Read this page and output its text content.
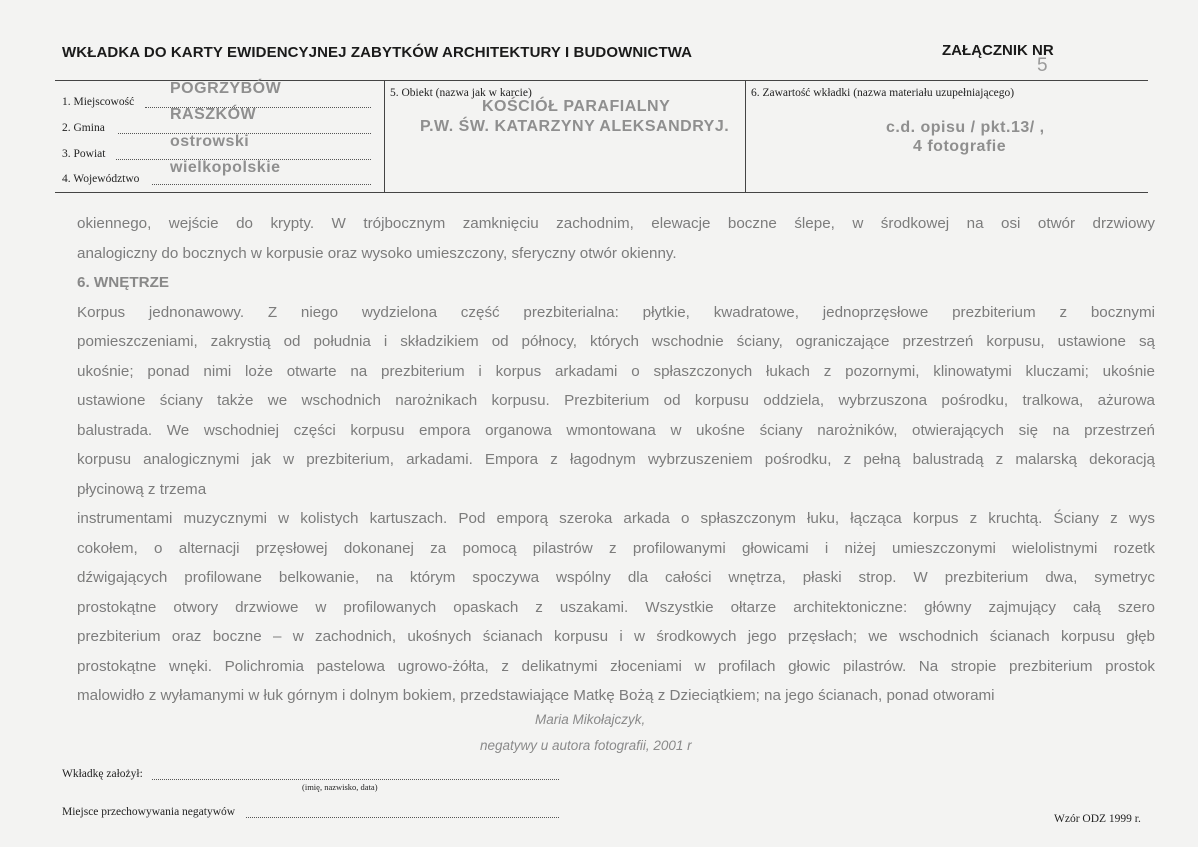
WKŁADKA DO KARTY EWIDENCYJNEJ ZABYTKÓW ARCHITEKTURY I BUDOWNICTWA	ZAŁĄCZNIK NR
5
1. Miejscowość
POGRZYBÓW
2. Gmina
RASZKÓW
3. Powiat
ostrowski
4. Województwo
wielkopolskie
5. Obiekt (nazwa jak w karcie)
KOŚCIÓŁ PARAFIALNY
P.W. ŚW. KATARZYNY ALEKSANDRYJ.
6. Zawartość wkładki (nazwa materiału uzupełniającego)
c.d. opisu / pkt.13/ ,
4 fotografie
okiennego, wejście do krypty. W trójbocznym zamknięciu zachodnim, elewacje boczne ślepe, w środkowej na osi otwór drzwiowy
analogiczny do bocznych w korpusie oraz wysoko umieszczony, sferyczny otwór okienny.
6. WNĘTRZE
Korpus jednonawowy. Z niego wydzielona część prezbiterialna: płytkie, kwadratowe, jednoprzęsłowe prezbiterium z bocznymi
pomieszczeniami, zakrystią od południa i składzikiem od północy, których wschodnie ściany, ograniczające przestrzeń korpusu, ustawione są
ukośnie; ponad nimi loże otwarte na prezbiterium i korpus arkadami o spłaszczonych łukach z pozornymi, klinowatymi kluczami; ukośnie
ustawione ściany także we wschodnich narożnikach korpusu. Prezbiterium od korpusu oddziela, wybrzuszona pośrodku, tralkowa, ażurowa
balustrada. We wschodniej części korpusu empora organowa wmontowana w ukośne ściany narożników, otwierających się na przestrzeń
korpusu analogicznymi jak w prezbiterium, arkadami. Empora z łagodnym wybrzuszeniem pośrodku, z pełną balustradą z malarską dekoracją
płycinową z trzema
instrumentami muzycznymi w kolistych kartuszach. Pod emporą szeroka arkada o spłaszczonym łuku, łącząca korpus z kruchtą. Ściany z wys
cokołem, o alternacji przęsłowej dokonanej za pomocą pilastrów z profilowanymi głowicami i niżej umieszczonymi wielolistnymi rozetk
dźwigających profilowane belkowanie, na którym spoczywa wspólny dla całości wnętrza, płaski strop. W prezbiterium dwa, symetryc
prostokątne otwory drzwiowe w profilowanych opaskach z uszakami. Wszystkie ołtarze architektoniczne: główny zajmujący całą szero
prezbiterium oraz boczne – w zachodnich, ukośnych ścianach korpusu i w środkowych jego przęsłach; we wschodnich ścianach korpusu głęb
prostokątne wnęki. Polichromia pastelowa ugrowo-żółta, z delikatnymi złoceniami w profilach głowic pilastrów. Na stropie prezbiterium prostok
malowidło z wyłamanymi w łuk górnym i dolnym bokiem, przedstawiające Matkę Bożą z Dzieciątkiem; na jego ścianach, ponad otworami
Maria Mikołajczyk,
negatywy u autora fotografii, 2001 r
Wkładkę założył:
(imię, nazwisko, data)
Miejsce przechowywania negatywów
Wzór ODZ 1999 r.
